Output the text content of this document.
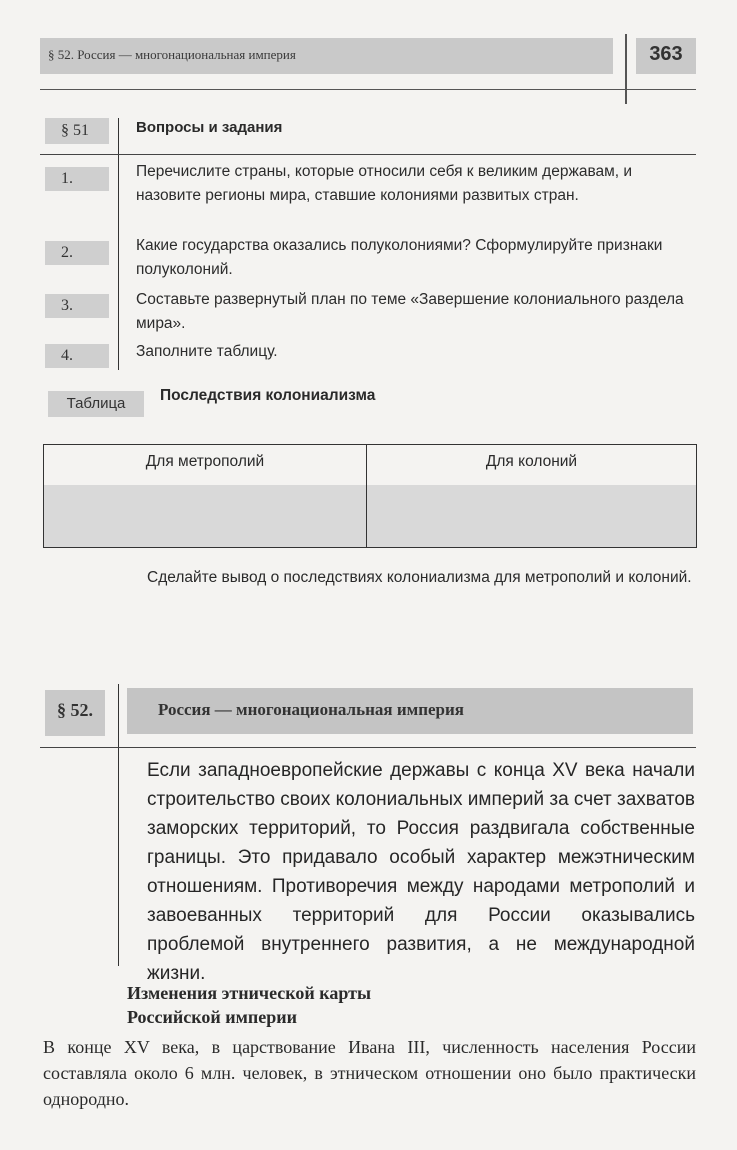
§ 52. Россия — многонациональная империя	363
§ 51	Вопросы и задания
1.	Перечислите страны, которые относили себя к великим державам, и назовите регионы мира, ставшие колониями развитых стран.
2.	Какие государства оказались полуколониями? Сформулируйте признаки полуколоний.
3.	Составьте развернутый план по теме «Завершение колониального раздела мира».
4.	Заполните таблицу.
Таблица	Последствия колониализма
Для метрополий	Для колоний
Сделайте вывод о последствиях колониализма для метрополий и колоний.
§ 52.	Россия — многонациональная империя
Если западноевропейские державы с конца XV века начали строительство своих колониальных империй за счет захватов заморских территорий, то Россия раздвигала собственные границы. Это придавало особый характер межэтническим отношениям. Противоречия между народами метрополий и завоеванных территорий для России оказывались проблемой внутреннего развития, а не международной жизни.
Изменения этнической карты
Российской империи
В конце XV века, в царствование Ивана III, численность населения России составляла около 6 млн. человек, в этническом отношении оно было практически однородно.
